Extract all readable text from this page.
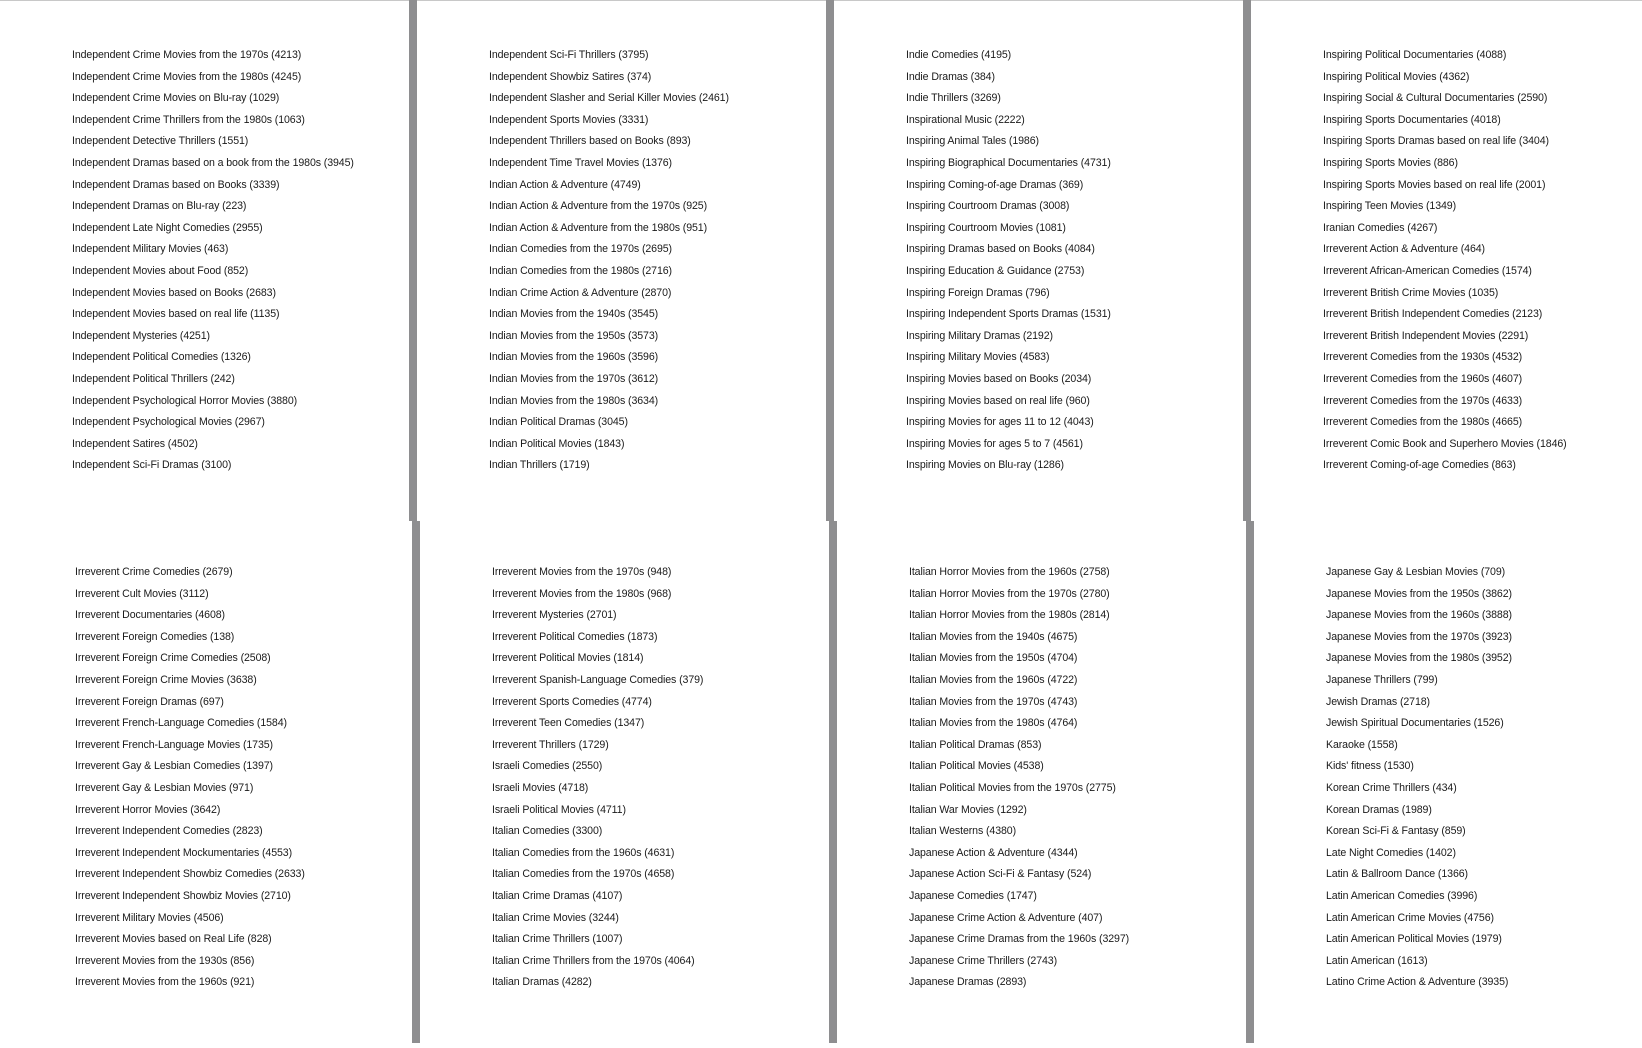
Independent Crime Movies from the 1970s (4213)
Independent Crime Movies from the 1980s (4245)
Independent Crime Movies on Blu-ray (1029)
Independent Crime Thrillers from the 1980s (1063)
Independent Detective Thrillers (1551)
Independent Dramas based on a book from the 1980s (3945)
Independent Dramas based on Books (3339)
Independent Dramas on Blu-ray (223)
Independent Late Night Comedies (2955)
Independent Military Movies (463)
Independent Movies about Food (852)
Independent Movies based on Books (2683)
Independent Movies based on real life (1135)
Independent Mysteries (4251)
Independent Political Comedies (1326)
Independent Political Thrillers (242)
Independent Psychological Horror Movies (3880)
Independent Psychological Movies (2967)
Independent Satires (4502)
Independent Sci-Fi Dramas (3100)
Independent Sci-Fi Thrillers (3795)
Independent Showbiz Satires (374)
Independent Slasher and Serial Killer Movies (2461)
Independent Sports Movies (3331)
Independent Thrillers based on Books (893)
Independent Time Travel Movies (1376)
Indian Action & Adventure (4749)
Indian Action & Adventure from the 1970s (925)
Indian Action & Adventure from the 1980s (951)
Indian Comedies from the 1970s (2695)
Indian Comedies from the 1980s (2716)
Indian Crime Action & Adventure (2870)
Indian Movies from the 1940s (3545)
Indian Movies from the 1950s (3573)
Indian Movies from the 1960s (3596)
Indian Movies from the 1970s (3612)
Indian Movies from the 1980s (3634)
Indian Political Dramas (3045)
Indian Political Movies (1843)
Indian Thrillers (1719)
Indie Comedies (4195)
Indie Dramas (384)
Indie Thrillers (3269)
Inspirational Music (2222)
Inspiring Animal Tales (1986)
Inspiring Biographical Documentaries (4731)
Inspiring Coming-of-age Dramas (369)
Inspiring Courtroom Dramas (3008)
Inspiring Courtroom Movies (1081)
Inspiring Dramas based on Books (4084)
Inspiring Education & Guidance (2753)
Inspiring Foreign Dramas (796)
Inspiring Independent Sports Dramas (1531)
Inspiring Military Dramas (2192)
Inspiring Military Movies (4583)
Inspiring Movies based on Books (2034)
Inspiring Movies based on real life (960)
Inspiring Movies for ages 11 to 12 (4043)
Inspiring Movies for ages 5 to 7 (4561)
Inspiring Movies on Blu-ray (1286)
Inspiring Political Documentaries (4088)
Inspiring Political Movies (4362)
Inspiring Social & Cultural Documentaries (2590)
Inspiring Sports Documentaries (4018)
Inspiring Sports Dramas based on real life (3404)
Inspiring Sports Movies (886)
Inspiring Sports Movies based on real life (2001)
Inspiring Teen Movies (1349)
Iranian Comedies (4267)
Irreverent Action & Adventure (464)
Irreverent African-American Comedies (1574)
Irreverent British Crime Movies (1035)
Irreverent British Independent Comedies (2123)
Irreverent British Independent Movies (2291)
Irreverent Comedies from the 1930s (4532)
Irreverent Comedies from the 1960s (4607)
Irreverent Comedies from the 1970s (4633)
Irreverent Comedies from the 1980s (4665)
Irreverent Comic Book and Superhero Movies (1846)
Irreverent Coming-of-age Comedies (863)
Irreverent Crime Comedies (2679)
Irreverent Cult Movies (3112)
Irreverent Documentaries (4608)
Irreverent Foreign Comedies (138)
Irreverent Foreign Crime Comedies (2508)
Irreverent Foreign Crime Movies (3638)
Irreverent Foreign Dramas (697)
Irreverent French-Language Comedies (1584)
Irreverent French-Language Movies (1735)
Irreverent Gay & Lesbian Comedies (1397)
Irreverent Gay & Lesbian Movies (971)
Irreverent Horror Movies (3642)
Irreverent Independent Comedies (2823)
Irreverent Independent Mockumentaries (4553)
Irreverent Independent Showbiz Comedies (2633)
Irreverent Independent Showbiz Movies (2710)
Irreverent Military Movies (4506)
Irreverent Movies based on Real Life (828)
Irreverent Movies from the 1930s (856)
Irreverent Movies from the 1960s (921)
Irreverent Movies from the 1970s (948)
Irreverent Movies from the 1980s (968)
Irreverent Mysteries (2701)
Irreverent Political Comedies (1873)
Irreverent Political Movies (1814)
Irreverent Spanish-Language Comedies (379)
Irreverent Sports Comedies (4774)
Irreverent Teen Comedies (1347)
Irreverent Thrillers (1729)
Israeli Comedies (2550)
Israeli Movies (4718)
Israeli Political Movies (4711)
Italian Comedies (3300)
Italian Comedies from the 1960s (4631)
Italian Comedies from the 1970s (4658)
Italian Crime Dramas (4107)
Italian Crime Movies (3244)
Italian Crime Thrillers (1007)
Italian Crime Thrillers from the 1970s (4064)
Italian Dramas (4282)
Italian Horror Movies from the 1960s (2758)
Italian Horror Movies from the 1970s (2780)
Italian Horror Movies from the 1980s (2814)
Italian Movies from the 1940s (4675)
Italian Movies from the 1950s (4704)
Italian Movies from the 1960s (4722)
Italian Movies from the 1970s (4743)
Italian Movies from the 1980s (4764)
Italian Political Dramas (853)
Italian Political Movies (4538)
Italian Political Movies from the 1970s (2775)
Italian War Movies (1292)
Italian Westerns (4380)
Japanese Action & Adventure (4344)
Japanese Action Sci-Fi & Fantasy (524)
Japanese Comedies (1747)
Japanese Crime Action & Adventure (407)
Japanese Crime Dramas from the 1960s (3297)
Japanese Crime Thrillers (2743)
Japanese Dramas (2893)
Japanese Gay & Lesbian Movies (709)
Japanese Movies from the 1950s (3862)
Japanese Movies from the 1960s (3888)
Japanese Movies from the 1970s (3923)
Japanese Movies from the 1980s (3952)
Japanese Thrillers (799)
Jewish Dramas (2718)
Jewish Spiritual Documentaries (1526)
Karaoke (1558)
Kids' fitness (1530)
Korean Crime Thrillers (434)
Korean Dramas (1989)
Korean Sci-Fi & Fantasy (859)
Late Night Comedies (1402)
Latin & Ballroom Dance (1366)
Latin American Comedies (3996)
Latin American Crime Movies (4756)
Latin American Political Movies (1979)
Latin American (1613)
Latino Crime Action & Adventure (3935)
